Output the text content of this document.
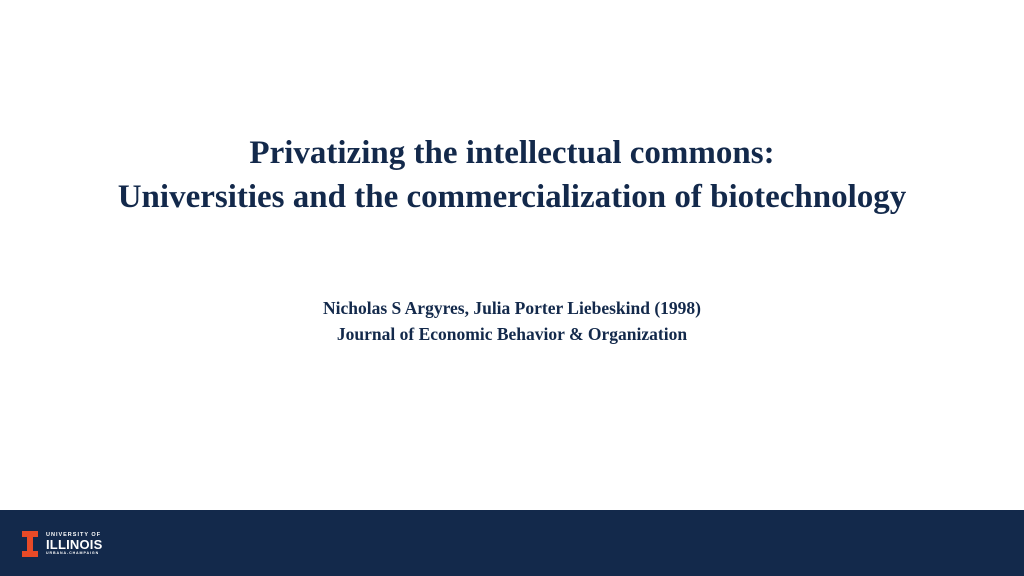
Privatizing the intellectual commons:
Universities and the commercialization of biotechnology
Nicholas S Argyres, Julia Porter Liebeskind (1998)
Journal of Economic Behavior & Organization
UNIVERSITY OF
ILLINOIS
URBANA-CHAMPAIGN
